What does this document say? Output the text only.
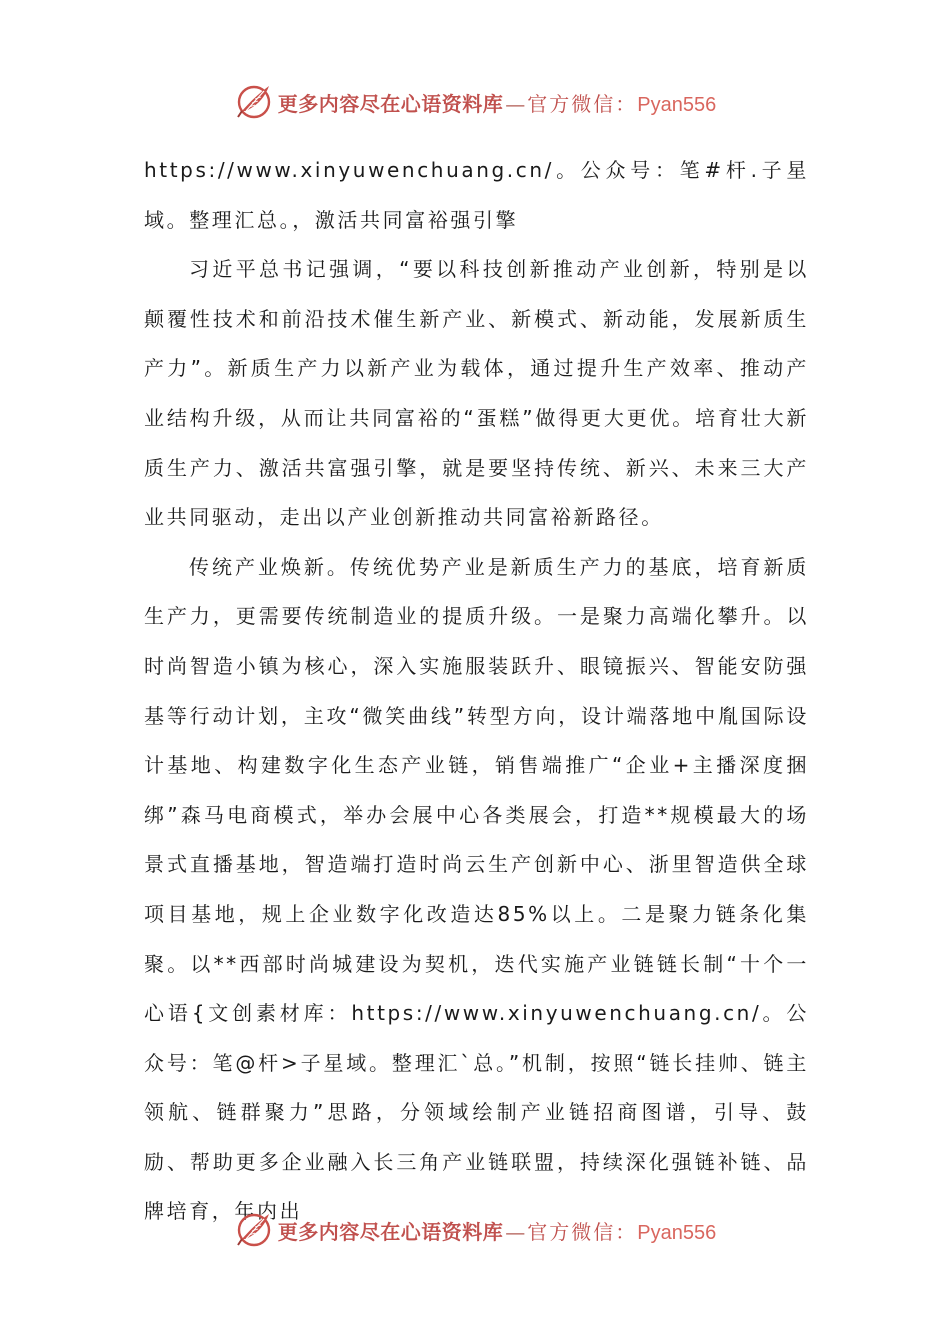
更多内容尽在心语资料库 — 官方微信： Pyan556

https://www.xinyuwenchuang.cn/。公众号：笔#杆.子星域。整理汇总。，激活共同富裕强引擎

习近平总书记强调，“要以科技创新推动产业创新，特别是以颠覆性技术和前沿技术催生新产业、新模式、新动能，发展新质生产力”。新质生产力以新产业为载体，通过提升生产效率、推动产业结构升级，从而让共同富裕的“蛋糕”做得更大更优。培育壮大新质生产力、激活共富强引擎，就是要坚持传统、新兴、未来三大产业共同驱动，走出以产业创新推动共同富裕新路径。

传统产业焕新。传统优势产业是新质生产力的基底，培育新质生产力，更需要传统制造业的提质升级。一是聚力高端化攀升。以时尚智造小镇为核心，深入实施服装跃升、眼镜振兴、智能安防强基等行动计划，主攻“微笑曲线”转型方向，设计端落地中胤国际设计基地、构建数字化生态产业链，销售端推广“企业+主播深度捆绑”森马电商模式，举办会展中心各类展会，打造**规模最大的场景式直播基地，智造端打造时尚云生产创新中心、浙里智造供全球项目基地，规上企业数字化改造达85%以上。二是聚力链条化集聚。以**西部时尚城建设为契机，迭代实施产业链链长制“十个一心语{文创素材库：https://www.xinyuwenchuang.cn/。公众号：笔@杆>子星域。整理汇`总。”机制，按照“链长挂帅、链主领航、链群聚力”思路，分领域绘制产业链招商图谱，引导、鼓励、帮助更多企业融入长三角产业链联盟，持续深化强链补链、品牌培育，年内出

更多内容尽在心语资料库 — 官方微信： Pyan556
